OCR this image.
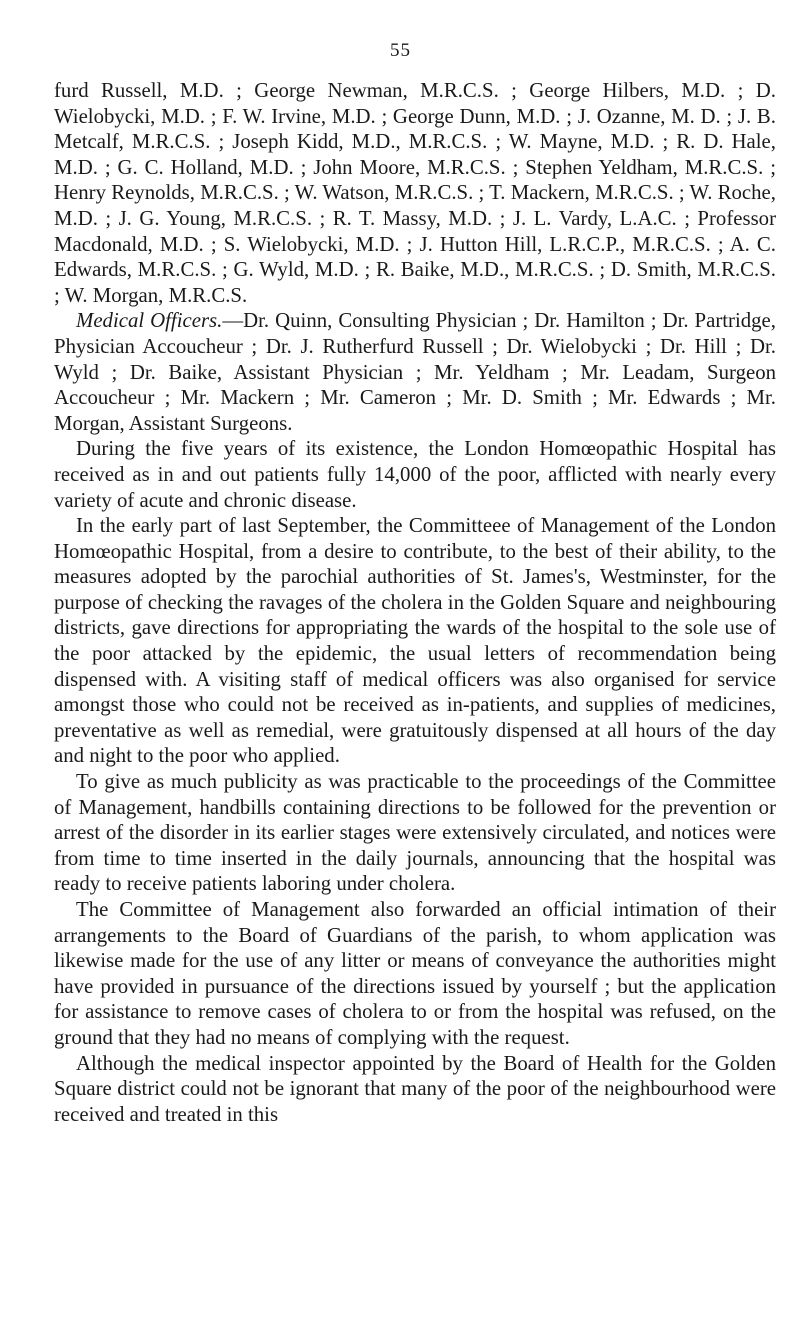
55

furd Russell, M.D. ; George Newman, M.R.C.S. ; George Hilbers, M.D. ; D. Wielobycki, M.D. ; F. W. Irvine, M.D. ; George Dunn, M.D. ; J. Ozanne, M. D. ; J. B. Metcalf, M.R.C.S. ; Joseph Kidd, M.D., M.R.C.S. ; W. Mayne, M.D. ; R. D. Hale, M.D. ; G. C. Holland, M.D. ; John Moore, M.R.C.S. ; Stephen Yeldham, M.R.C.S. ; Henry Reynolds, M.R.C.S. ; W. Watson, M.R.C.S. ; T. Mackern, M.R.C.S. ; W. Roche, M.D. ; J. G. Young, M.R.C.S. ; R. T. Massy, M.D. ; J. L. Vardy, L.A.C. ; Professor Macdonald, M.D. ; S. Wielobycki, M.D. ; J. Hutton Hill, L.R.C.P., M.R.C.S. ; A. C. Edwards, M.R.C.S. ; G. Wyld, M.D. ; R. Baike, M.D., M.R.C.S. ; D. Smith, M.R.C.S. ; W. Morgan, M.R.C.S.

Medical Officers.—Dr. Quinn, Consulting Physician ; Dr. Hamilton ; Dr. Partridge, Physician Accoucheur ; Dr. J. Rutherfurd Russell ; Dr. Wielobycki ; Dr. Hill ; Dr. Wyld ; Dr. Baike, Assistant Physician ; Mr. Yeldham ; Mr. Leadam, Surgeon Accoucheur ; Mr. Mackern ; Mr. Cameron ; Mr. D. Smith ; Mr. Edwards ; Mr. Morgan, Assistant Surgeons.

During the five years of its existence, the London Homœopathic Hospital has received as in and out patients fully 14,000 of the poor, afflicted with nearly every variety of acute and chronic disease.

In the early part of last September, the Committeee of Management of the London Homœopathic Hospital, from a desire to contribute, to the best of their ability, to the measures adopted by the parochial authorities of St. James's, Westminster, for the purpose of checking the ravages of the cholera in the Golden Square and neighbouring districts, gave directions for appropriating the wards of the hospital to the sole use of the poor attacked by the epidemic, the usual letters of recommendation being dispensed with. A visiting staff of medical officers was also organised for service amongst those who could not be received as in-patients, and supplies of medicines, preventative as well as remedial, were gratuitously dispensed at all hours of the day and night to the poor who applied.

To give as much publicity as was practicable to the proceedings of the Committee of Management, handbills containing directions to be followed for the prevention or arrest of the disorder in its earlier stages were extensively circulated, and notices were from time to time inserted in the daily journals, announcing that the hospital was ready to receive patients laboring under cholera.

The Committee of Management also forwarded an official intimation of their arrangements to the Board of Guardians of the parish, to whom application was likewise made for the use of any litter or means of conveyance the authorities might have provided in pursuance of the directions issued by yourself ; but the application for assistance to remove cases of cholera to or from the hospital was refused, on the ground that they had no means of complying with the request.

Although the medical inspector appointed by the Board of Health for the Golden Square district could not be ignorant that many of the poor of the neighbourhood were received and treated in this
